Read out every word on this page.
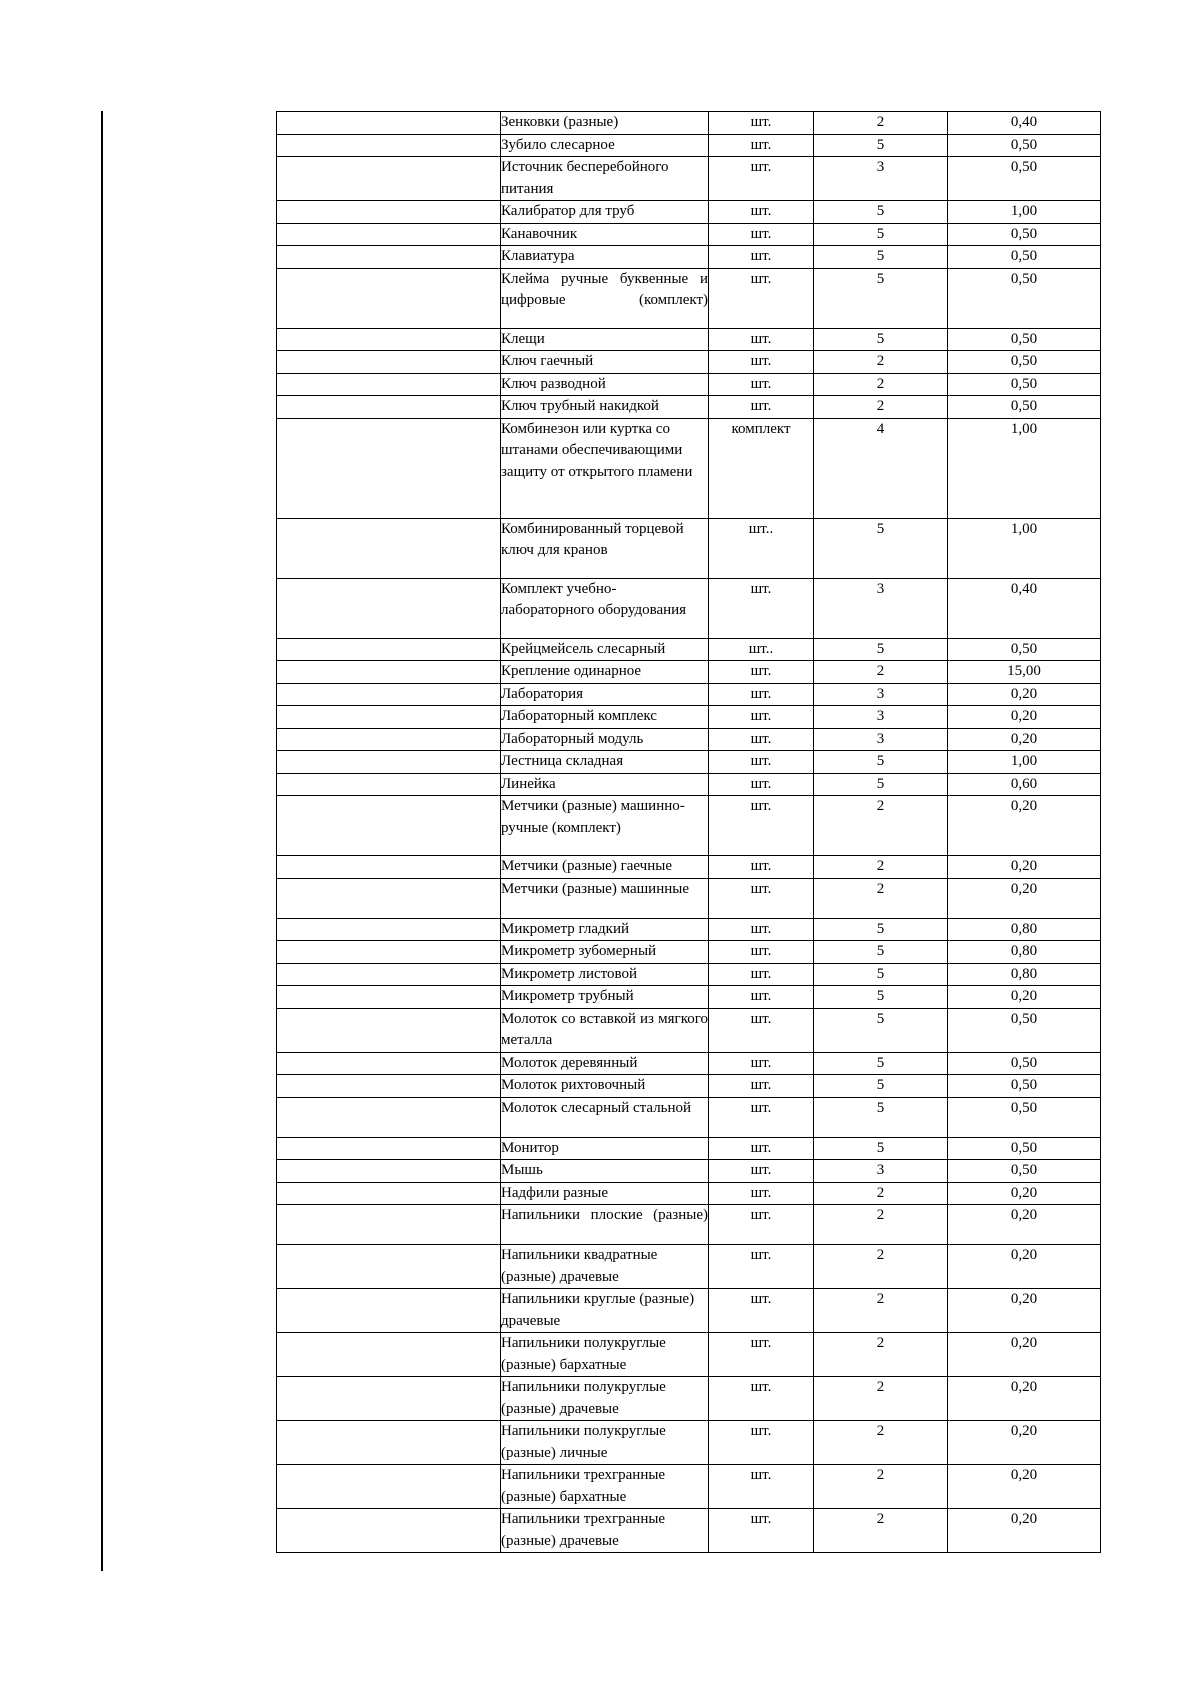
	Зенковки (разные)	шт.	2	0,40
	Зубило слесарное	шт.	5	0,50
	Источник бесперебойного питания	шт.	3	0,50
	Калибратор для труб	шт.	5	1,00
	Канавочник	шт.	5	0,50
	Клавиатура	шт.	5	0,50

	Клейма ручные буквенные и цифровые (комплект)	шт.	5	0,50
	Клещи	шт.	5	0,50
	Ключ гаечный	шт.	2	0,50
	Ключ разводной	шт.	2	0,50
	Ключ трубный накидкой	шт.	2	0,50
	Комбинезон или куртка со штанами обеспечивающими защиту от открытого пламени	комплект	4	1,00
	Комбинированный торцевой ключ для кранов	шт..	5	1,00
	Комплект учебно-лабораторного оборудования	шт.	3	0,40
	Крейцмейсель слесарный	шт..	5	0,50
	Крепление одинарное	шт.	2	15,00
	Лаборатория	шт.	3	0,20
	Лабораторный комплекс	шт.	3	0,20
	Лабораторный модуль	шт.	3	0,20
	Лестница складная	шт.	5	1,00
	Линейка	шт.	5	0,60
	Метчики (разные) машинно-ручные (комплект)	шт.	2	0,20
	Метчики (разные) гаечные	шт.	2	0,20
	Метчики (разные) машинные	шт.	2	0,20
	Микрометр гладкий	шт.	5	0,80
	Микрометр зубомерный	шт.	5	0,80
	Микрометр листовой	шт.	5	0,80
	Микрометр трубный	шт.	5	0,20

	Молоток со вставкой из мягкого металла	шт.	5	0,50
	Молоток деревянный	шт.	5	0,50
	Молоток рихтовочный	шт.	5	0,50
	Молоток слесарный стальной	шт.	5	0,50
	Монитор	шт.	5	0,50
	Мышь	шт.	3	0,50
	Надфили разные	шт.	2	0,20

	Напильники плоские (разные)	шт.	2	0,20
	Напильники квадратные (разные) драчевые	шт.	2	0,20
	Напильники круглые (разные) драчевые	шт.	2	0,20
	Напильники полукруглые (разные) бархатные	шт.	2	0,20
	Напильники полукруглые (разные) драчевые	шт.	2	0,20
	Напильники полукруглые (разные) личные	шт.	2	0,20
	Напильники трехгранные (разные) бархатные	шт.	2	0,20
	Напильники трехгранные (разные) драчевые	шт.	2	0,20
